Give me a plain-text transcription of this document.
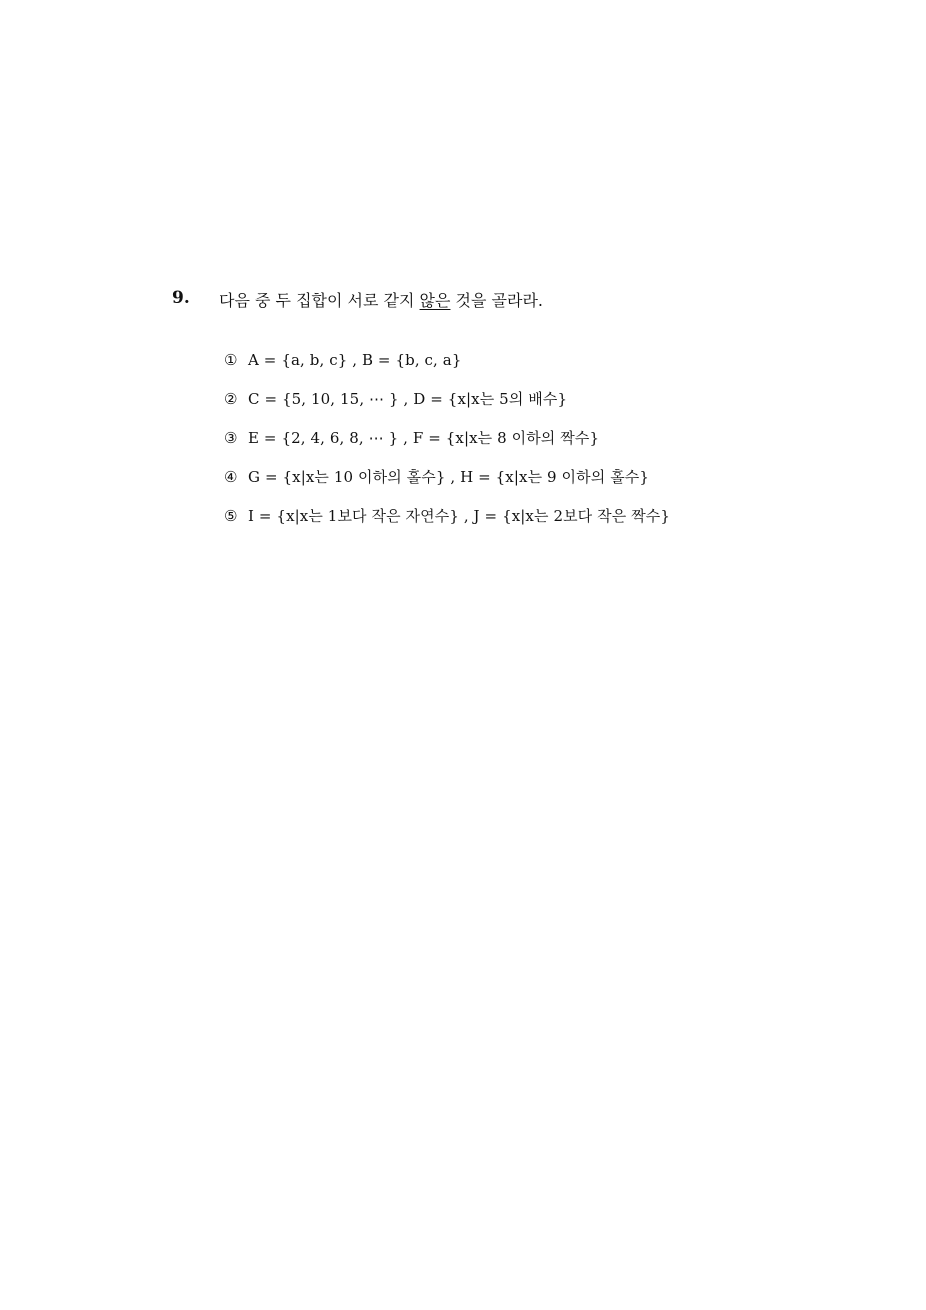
9. 다음 중 두 집합이 서로 같지 않은 것을 골라라.
① A = {a, b, c} , B = {b, c, a}
② C = {5, 10, 15, ⋯ } , D = {x|x는 5의 배수}
③ E = {2, 4, 6, 8, ⋯ } , F = {x|x는 8 이하의 짝수}
④ G = {x|x는 10 이하의 홀수} , H = {x|x는 9 이하의 홀수}
⑤ I = {x|x는 1보다 작은 자연수} , J = {x|x는 2보다 작은 짝수}
